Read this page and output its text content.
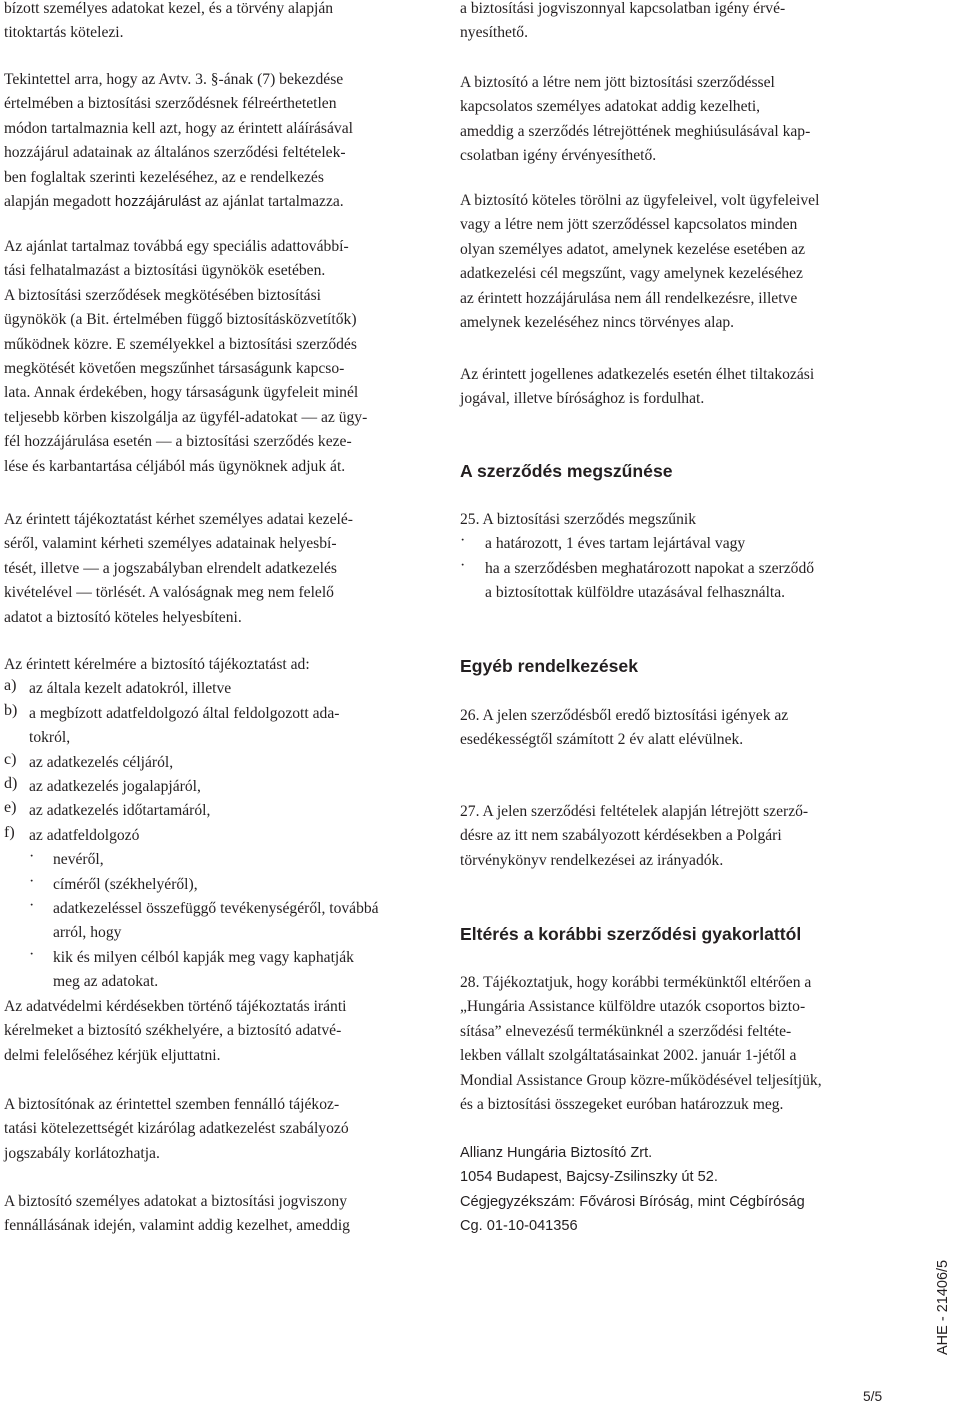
bízott személyes adatokat kezel, és a törvény alapján

titoktartás kötelezi.

Tekintettel arra, hogy az Avtv. 3. §-ának (7) bekezdése

értelmében a biztosítási szerződésnek félreérthetetlen

módon tartalmaznia kell azt, hogy az érintett aláírásával

hozzájárul adatainak az általános szerződési feltételek-

ben foglaltak szerinti kezeléséhez, az e rendelkezés

alapján megadott hozzájárulást az ajánlat tartalmazza.

Az ajánlat tartalmaz továbbá egy speciális adattovábbí-

tási felhatalmazást a biztosítási ügynökök esetében.

A biztosítási szerződések megkötésében biztosítási

ügynökök (a Bit. értelmében függő biztosításközvetítők)

működnek közre. E személyekkel a biztosítási szerződés

megkötését követően megszűnhet társaságunk kapcso-

lata. Annak érdekében, hogy társaságunk ügyfeleit minél

teljesebb körben kiszolgálja az ügyfél-adatokat — az ügy-

fél hozzájárulása esetén — a biztosítási szerződés keze-

lése és karbantartása céljából más ügynöknek adjuk át.

Az érintett tájékoztatást kérhet személyes adatai kezelé-

séről, valamint kérheti személyes adatainak helyesbí-

tését, illetve — a jogszabályban elrendelt adatkezelés

kivételével — törlését. A valóságnak meg nem felelő

adatot a biztosító köteles helyesbíteni.

Az érintett kérelmére a biztosító tájékoztatást ad:

a) az általa kezelt adatokról, illetve

b) a megbízott adatfeldolgozó által feldolgozott ada-

tokról,

c) az adatkezelés céljáról,

d) az adatkezelés jogalapjáról,

e) az adatkezelés időtartamáról,

f) az adatfeldolgozó

·	nevéről,

·	címéről (székhelyéről),

·	adatkezeléssel összefüggő tevékenységéről, továbbá

arról, hogy

·	kik és milyen célból kapják meg vagy kaphatják

meg az adatokat.

Az adatvédelmi kérdésekben történő tájékoztatás iránti

kérelmeket a biztosító székhelyére, a biztosító adatvé-

delmi felelőséhez kérjük eljuttatni.

A biztosítónak az érintettel szemben fennálló tájékoz-

tatási kötelezettségét kizárólag adatkezelést szabályozó

jogszabály korlátozhatja.

A biztosító személyes adatokat a biztosítási jogviszony

fennállásának idején, valamint addig kezelhet, ameddig

a biztosítási jogviszonnyal kapcsolatban igény érvé-

nyesíthető.

A biztosító a létre nem jött biztosítási szerződéssel

kapcsolatos személyes adatokat addig kezelheti,

ameddig a szerződés létrejöttének meghiúsulásával kap-

csolatban igény érvényesíthető.

A biztosító köteles törölni az ügyfeleivel, volt ügyfeleivel

vagy a létre nem jött szerződéssel kapcsolatos minden

olyan személyes adatot, amelynek kezelése esetében az

adatkezelési cél megszűnt, vagy amelynek kezeléséhez

az érintett hozzájárulása nem áll rendelkezésre, illetve

amelynek kezeléséhez nincs törvényes alap.

Az érintett jogellenes adatkezelés esetén élhet tiltakozási

jogával, illetve bírósághoz is fordulhat.

A szerződés megszűnése

25. A biztosítási szerződés megszűnik

·	a határozott, 1 éves tartam lejártával vagy

·	ha a szerződésben meghatározott napokat a szerződő

a biztosítottak külföldre utazásával felhasználta.

Egyéb rendelkezések

26. A jelen szerződésből eredő biztosítási igények az

esedékességtől számított 2 év alatt elévülnek.

27. A jelen szerződési feltételek alapján létrejött szerző-

désre az itt nem szabályozott kérdésekben a Polgári

törvénykönyv rendelkezései az irányadók.

Eltérés a korábbi szerződési gyakorlattól

28. Tájékoztatjuk, hogy korábbi termékünktől eltérően a

„Hungária Assistance külföldre utazók csoportos bizto-

sítása” elnevezésű termékünknél a szerződési feltéte-

lekben vállalt szolgáltatásainkat 2002. január 1-jétől a

Mondial Assistance Group közre-működésével teljesítjük,

és a biztosítási összegeket euróban határozzuk meg.

Allianz Hungária Biztosító Zrt.

1054 Budapest, Bajcsy-Zsilinszky út 52.

Cégjegyzékszám: Fővárosi Bíróság, mint Cégbíróság

Cg. 01-10-041356

AHE - 21406/5
5/5
